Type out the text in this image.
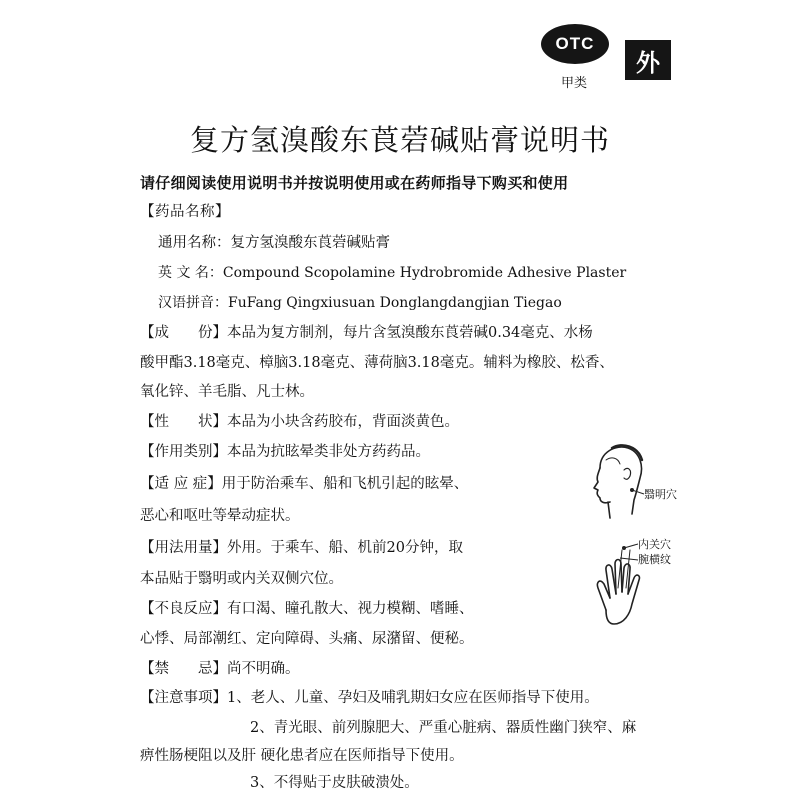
OTC
甲类
外
复方氢溴酸东莨菪碱贴膏说明书
请仔细阅读使用说明书并按说明使用或在药师指导下购买和使用
【药品名称】
通用名称：复方氢溴酸东莨菪碱贴膏
英 文 名：Compound Scopolamine Hydrobromide Adhesive Plaster
汉语拼音：FuFang Qingxiusuan Donglangdangjian Tiegao
【成　　份】本品为复方制剂，每片含氢溴酸东莨菪碱0.34毫克、水杨
酸甲酯3.18毫克、樟脑3.18毫克、薄荷脑3.18毫克。辅料为橡胶、松香、
氧化锌、羊毛脂、凡士林。
【性　　状】本品为小块含药胶布，背面淡黄色。
【作用类别】本品为抗眩晕类非处方药药品。
【适 应 症】用于防治乘车、船和飞机引起的眩晕、
恶心和呕吐等晕动症状。
【用法用量】外用。于乘车、船、机前20分钟，取
本品贴于翳明或内关双侧穴位。
【不良反应】有口渴、瞳孔散大、视力模糊、嗜睡、
心悸、局部潮红、定向障碍、头痛、尿潴留、便秘。
【禁　　忌】尚不明确。
【注意事项】1、老人、儿童、孕妇及哺乳期妇女应在医师指导下使用。
2、青光眼、前列腺肥大、严重心脏病、器质性幽门狭窄、麻
痹性肠梗阻以及肝 硬化患者应在医师指导下使用。
3、不得贴于皮肤破溃处。
翳明穴
内关穴
腕横纹
